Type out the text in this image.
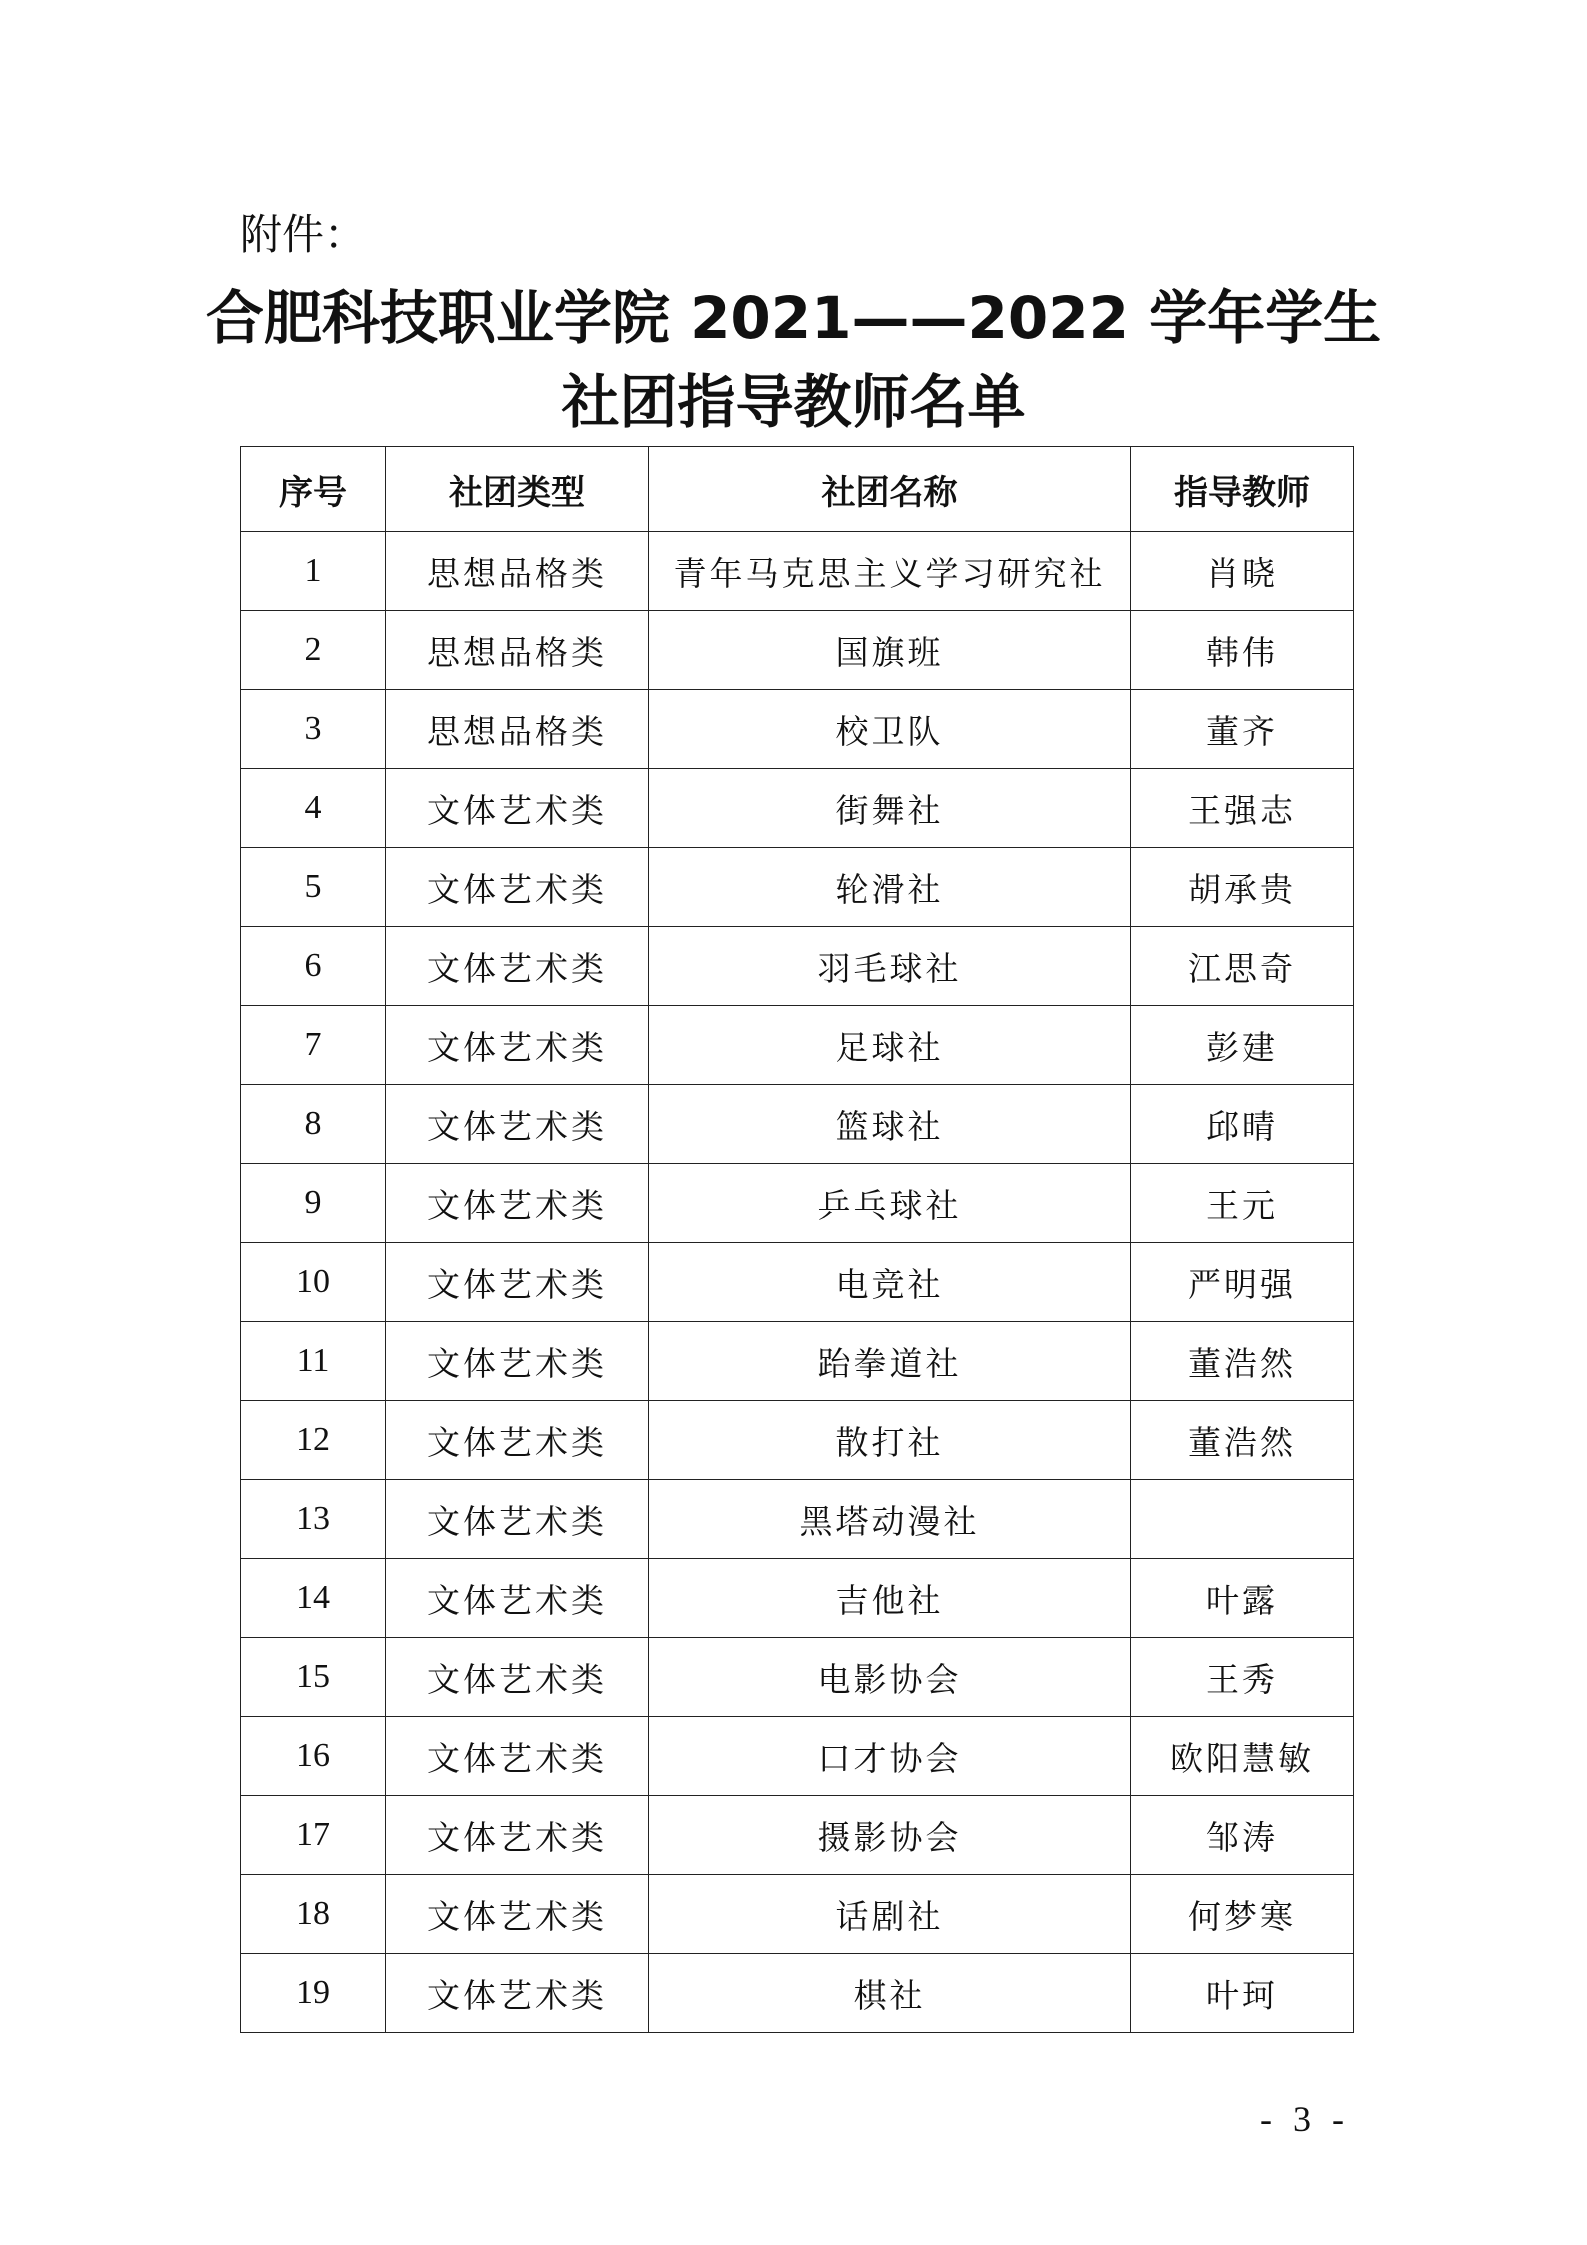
附件：
合肥科技职业学院 2021——2022 学年学生
社团指导教师名单
序号	社团类型	社团名称	指导教师
1	思想品格类	青年马克思主义学习研究社	肖晓
2	思想品格类	国旗班	韩伟
3	思想品格类	校卫队	董齐
4	文体艺术类	街舞社	王强志
5	文体艺术类	轮滑社	胡承贵
6	文体艺术类	羽毛球社	江思奇
7	文体艺术类	足球社	彭建
8	文体艺术类	篮球社	邱晴
9	文体艺术类	乒乓球社	王元
10	文体艺术类	电竞社	严明强
11	文体艺术类	跆拳道社	董浩然
12	文体艺术类	散打社	董浩然
13	文体艺术类	黑塔动漫社	
14	文体艺术类	吉他社	叶露
15	文体艺术类	电影协会	王秀
16	文体艺术类	口才协会	欧阳慧敏
17	文体艺术类	摄影协会	邹涛
18	文体艺术类	话剧社	何梦寒
19	文体艺术类	棋社	叶珂
- 3 -
